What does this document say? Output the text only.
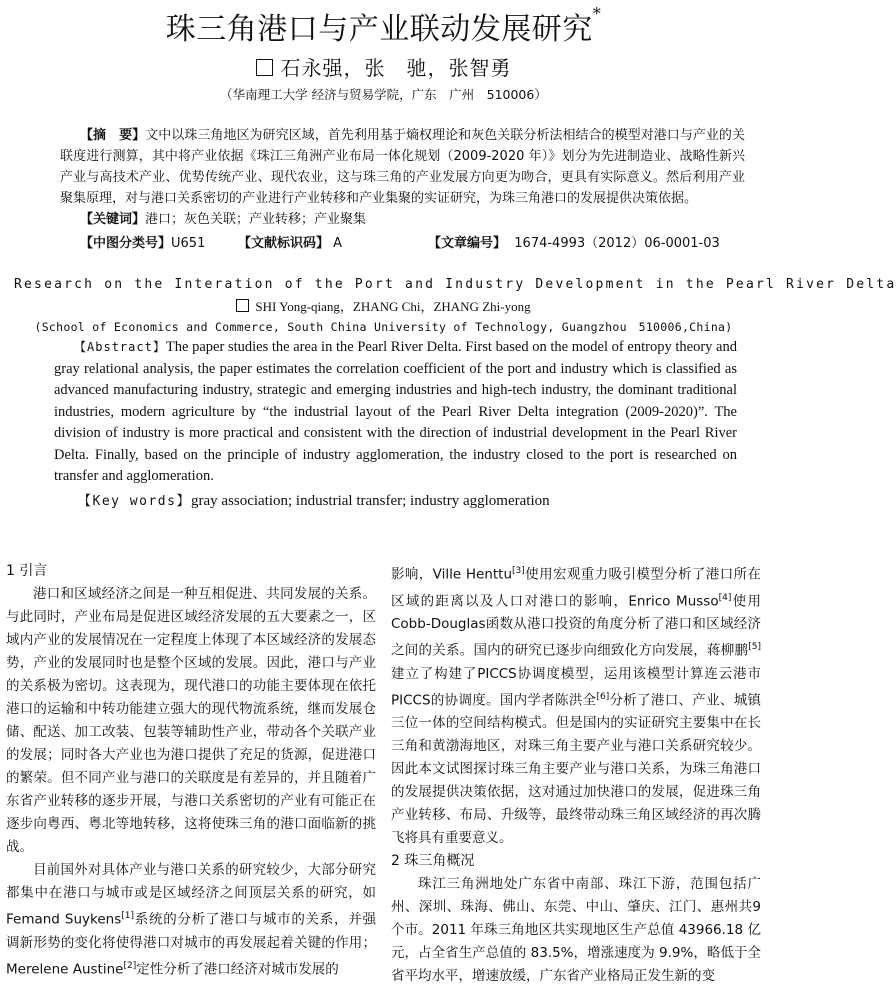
珠三角港口与产业联动发展研究*
石永强，张　驰，张智勇
（华南理工大学 经济与贸易学院，广东　广州　510006）

【摘　要】文中以珠三角地区为研究区域，首先利用基于熵权理论和灰色关联分析法相结合的模型对港口与产业的关联度进行测算，其中将产业依据《珠江三角洲产业布局一体化规划（2009-2020 年）》划分为先进制造业、战略性新兴产业与高技术产业、优势传统产业、现代农业，这与珠三角的产业发展方向更为吻合，更具有实际意义。然后利用产业聚集原理，对与港口关系密切的产业进行产业转移和产业集聚的实证研究，为珠三角港口的发展提供决策依据。

【关键词】港口；灰色关联；产业转移；产业聚集
【中图分类号】U651	【文献标识码】 A	【文章编号】 1674-4993（2012）06-0001-03
Research on the Interation of the Port and Industry Development in the Pearl River Delta
SHI Yong-qiang，ZHANG Chi，ZHANG Zhi-yong
(School of Economics and Commerce, South China University of Technology, Guangzhou　510006,China)

【Abstract】The paper studies the area in the Pearl River Delta. First based on the model of entropy theory and gray relational analysis, the paper estimates the correlation coefficient of the port and industry which is classified as advanced manufacturing industry, strategic and emerging industries and high-tech industry, the dominant traditional industries, modern agriculture by “the industrial layout of the Pearl River Delta integration (2009-2020)”. The division of industry is more practical and consistent with the direction of industrial development in the Pearl River Delta. Finally, based on the principle of industry agglomeration, the industry closed to the port is researched on transfer and agglomeration.

【Key words】gray association; industrial transfer; industry agglomeration
1 引言

港口和区域经济之间是一种互相促进、共同发展的关系。与此同时，产业布局是促进区域经济发展的五大要素之一，区域内产业的发展情况在一定程度上体现了本区域经济的发展态势，产业的发展同时也是整个区域的发展。因此，港口与产业的关系极为密切。这表现为，现代港口的功能主要体现在依托港口的运输和中转功能建立强大的现代物流系统，继而发展仓储、配送、加工改装、包装等辅助性产业，带动各个关联产业的发展；同时各大产业也为港口提供了充足的货源，促进港口的繁荣。但不同产业与港口的关联度是有差异的，并且随着广东省产业转移的逐步开展，与港口关系密切的产业有可能正在逐步向粤西、粤北等地转移，这将使珠三角的港口面临新的挑战。

目前国外对具体产业与港口关系的研究较少，大部分研究都集中在港口与城市或是区域经济之间顶层关系的研究，如Femand Suykens[1]系统的分析了港口与城市的关系，并强调新形势的变化将使得港口对城市的再发展起着关键的作用；Merelene Austine[2]定性分析了港口经济对城市发展的

影响，Ville Henttu[3]使用宏观重力吸引模型分析了港口所在区域的距离以及人口对港口的影响，Enrico Musso[4]使用Cobb-Douglas函数从港口投资的角度分析了港口和区域经济之间的关系。国内的研究已逐步向细致化方向发展，蒋柳鹏[5]建立了构建了PICCS协调度模型，运用该模型计算连云港市PICCS的协调度。国内学者陈洪全[6]分析了港口、产业、城镇三位一体的空间结构模式。但是国内的实证研究主要集中在长三角和黄渤海地区，对珠三角主要产业与港口关系研究较少。因此本文试图探讨珠三角主要产业与港口关系，为珠三角港口的发展提供决策依据，这对通过加快港口的发展，促进珠三角产业转移、布局、升级等，最终带动珠三角区域经济的再次腾飞将具有重要意义。

2 珠三角概况

珠江三角洲地处广东省中南部、珠江下游，范围包括广州、深圳、珠海、佛山、东莞、中山、肇庆、江门、惠州共9个市。2011 年珠三角地区共实现地区生产总值 43966.18 亿元，占全省生产总值的 83.5%，增涨速度为 9.9%，略低于全省平均水平，增速放缓，广东省产业格局正发生新的变
